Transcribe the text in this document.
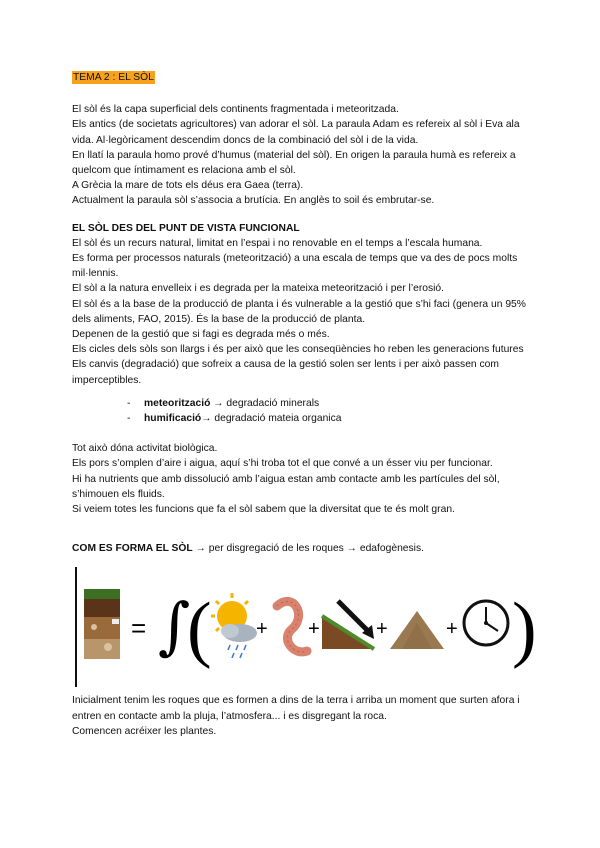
TEMA 2 : EL SÒL

El sòl és la capa superficial dels continents fragmentada i meteoritzada.

Els antics (de societats agricultores) van adorar el sòl. La paraula Adam es refereix al sòl i Eva ala vida. Al·legòricament descendim doncs de la combinació del sòl i de la vida.

En llatí la paraula homo prové d’humus (material del sòl). En origen la paraula humà es refereix a quelcom que íntimament es relaciona amb el sòl.

A Grècia la mare de tots els déus era Gaea (terra).

Actualment la paraula sòl s’associa a brutícia. En anglès to soil és embrutar-se.

EL SÒL DES DEL PUNT DE VISTA FUNCIONAL

El sòl és un recurs natural, limitat en l’espai i no renovable en el temps a l’escala humana.

Es forma per processos naturals (meteorització) a una escala de temps que va des de pocs molts mil·lennis.

El sòl a la natura envelleix i es degrada per la mateixa meteorització i per l’erosió.

El sòl és a la base de la producció de planta i és vulnerable a la gestió que s’hi faci (genera un 95% dels aliments, FAO, 2015). És la base de la producció de planta.

Depenen de la gestió que si fagi es degrada més o més.

Els cicles dels sòls son llargs i és per això que les conseqüències ho reben les generacions futures

Els canvis (degradació) que sofreix a causa de la gestió solen ser lents i per això passen com imperceptibles.

-	meteorització → degradació minerals
-	humificació→ degradació mateia organica

Tot això dóna activitat biològica.

Els pors s’omplen d’aire i aigua, aquí s’hi troba tot el que convé a un ésser viu per funcionar.

Hi ha nutrients que amb dissolució amb l’aigua estan amb contacte amb les partícules del sòl, s’himouen els fluids.

Si veiem totes les funcions que fa el sòl sabem que la diversitat que te és molt gran.

COM ES FORMA EL SÒL → per disgregació de les roques → edafogènesis.

= ∫
( + +	+	+ )

Inicialment tenim les roques que es formen a dins de la terra i arriba un moment que surten afora i entren en contacte amb la pluja, l’atmosfera... i es disgregant la roca.

Comencen acréixer les plantes.
